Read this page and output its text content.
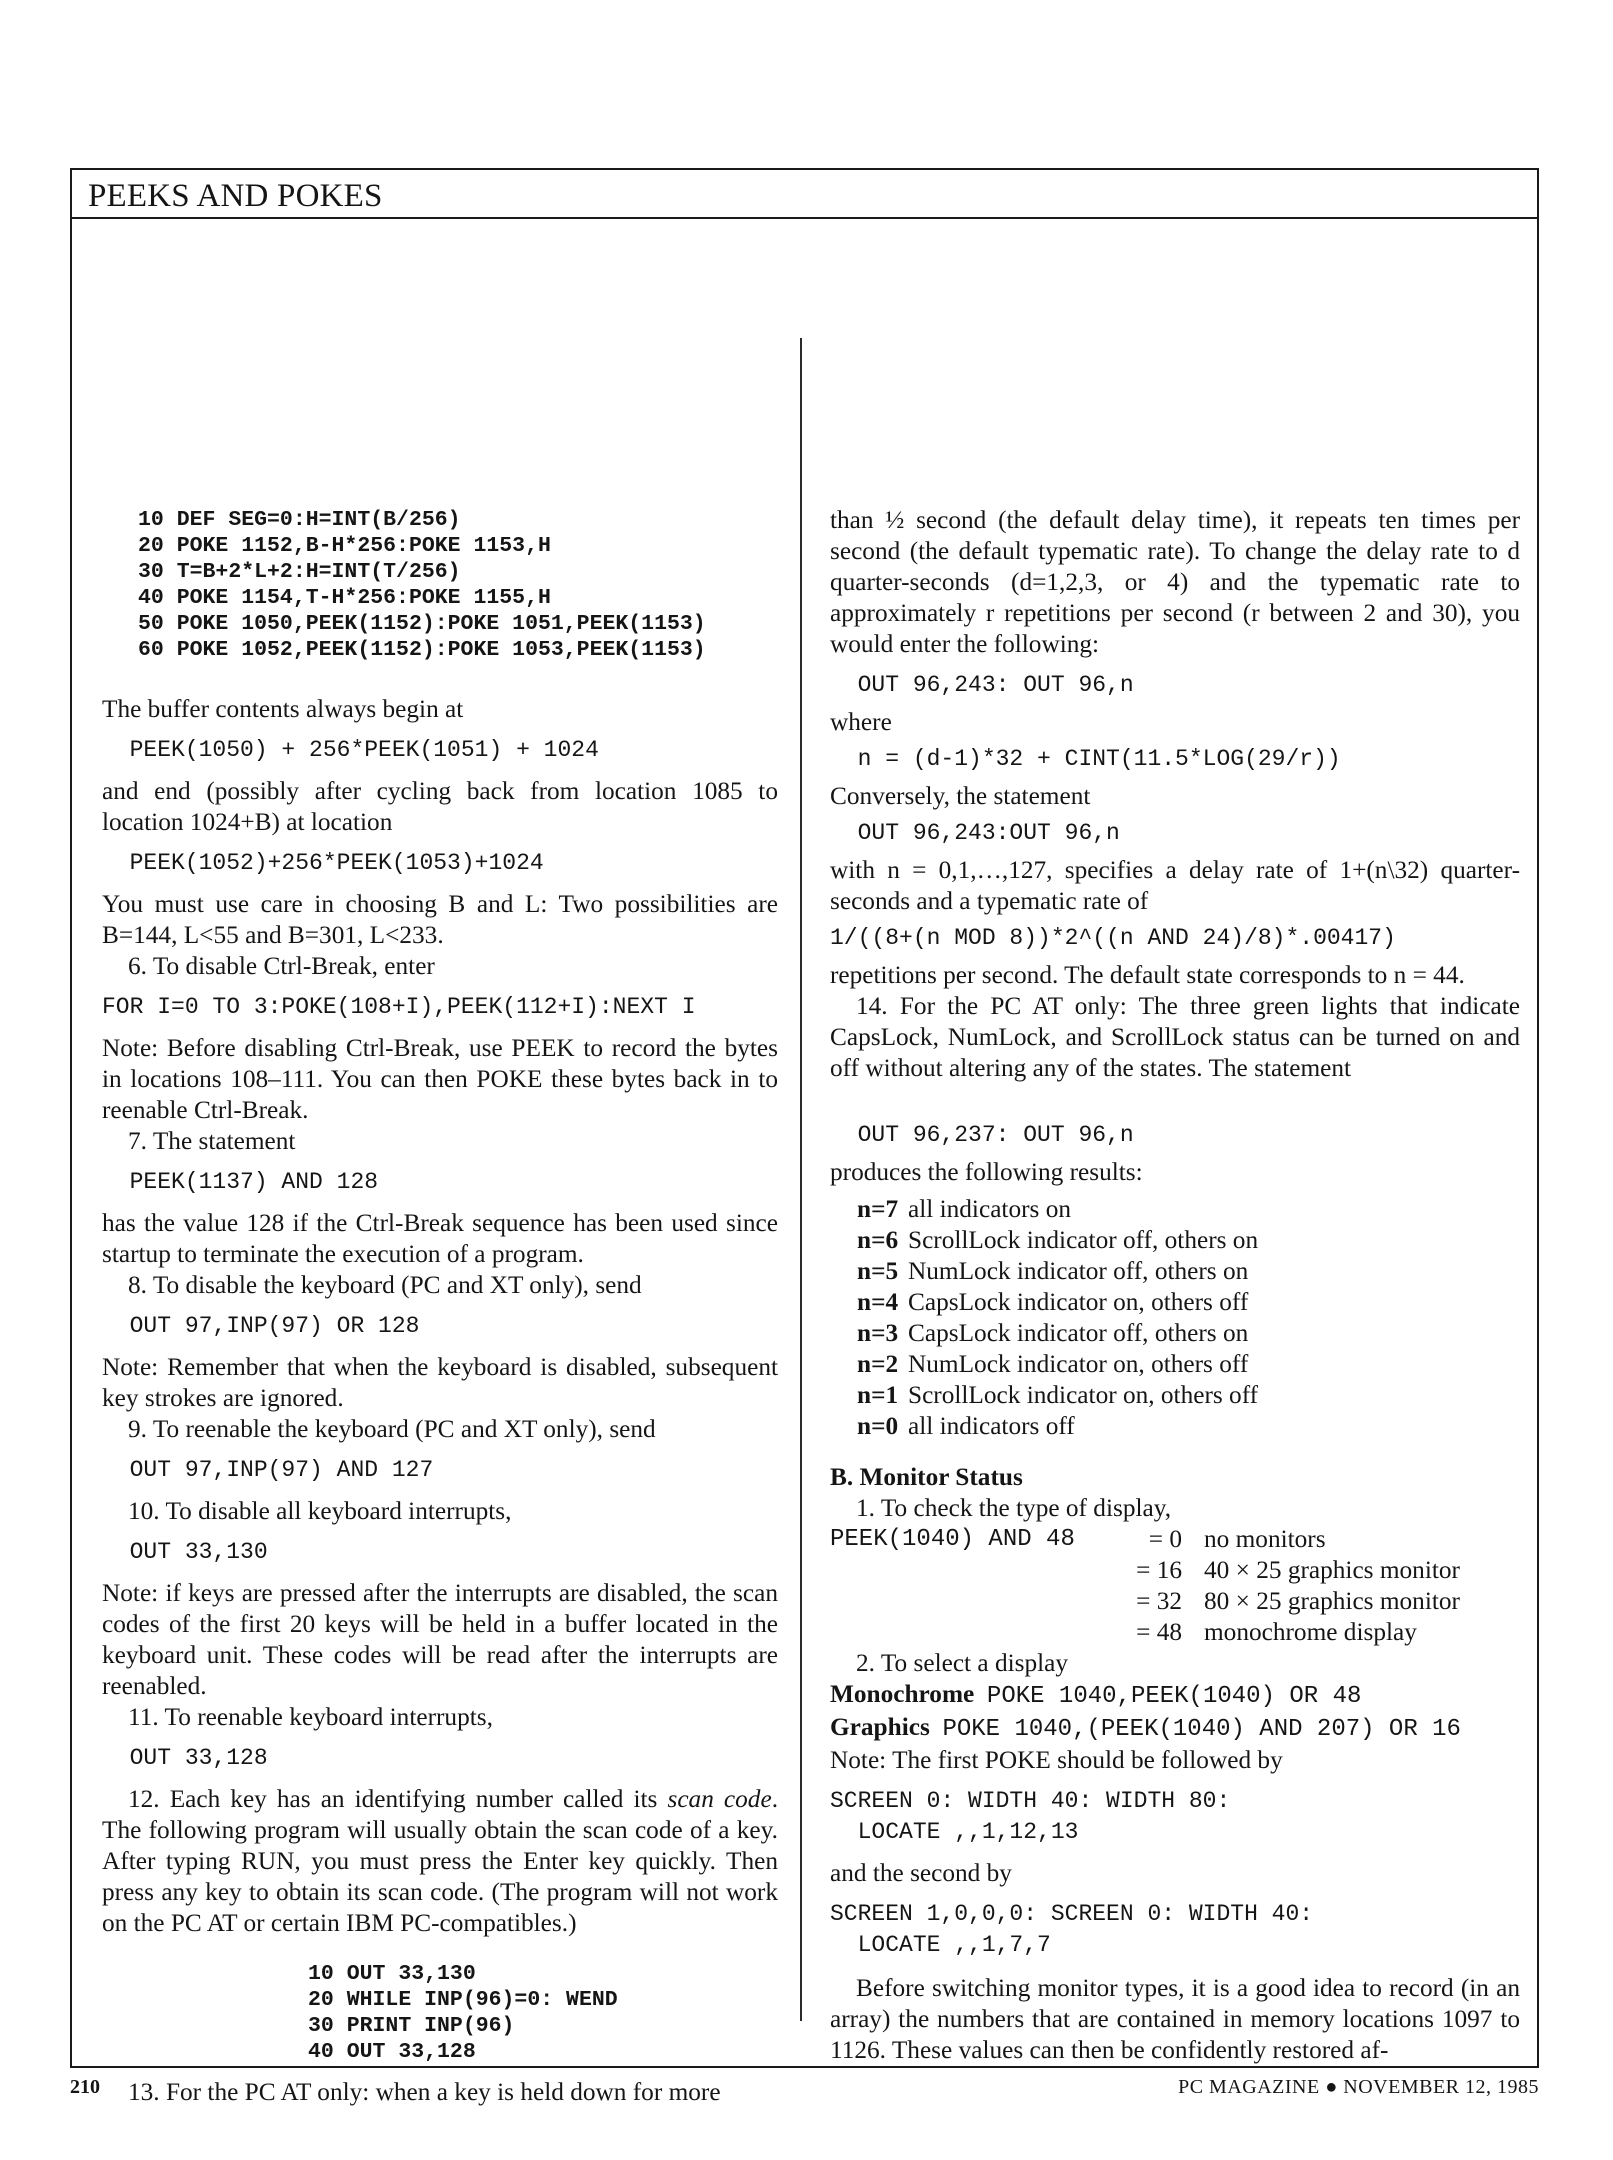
PEEKS AND POKES
10 DEF SEG=0:H=INT(B/256)
20 POKE 1152,B-H*256:POKE 1153,H
30 T=B+2*L+2:H=INT(T/256)
40 POKE 1154,T-H*256:POKE 1155,H
50 POKE 1050,PEEK(1152):POKE 1051,PEEK(1153)
60 POKE 1052,PEEK(1152):POKE 1053,PEEK(1153)

The buffer contents always begin at

PEEK(1050) + 256*PEEK(1051) + 1024

and end (possibly after cycling back from location 1085 to location 1024+B) at location

PEEK(1052)+256*PEEK(1053)+1024

You must use care in choosing B and L: Two possibilities are B=144, L<55 and B=301, L<233.

6. To disable Ctrl-Break, enter

FOR I=0 TO 3:POKE(108+I),PEEK(112+I):NEXT I

Note: Before disabling Ctrl-Break, use PEEK to record the bytes in locations 108–111. You can then POKE these bytes back in to reenable Ctrl-Break.

7. The statement

PEEK(1137) AND 128

has the value 128 if the Ctrl-Break sequence has been used since startup to terminate the execution of a program.

8. To disable the keyboard (PC and XT only), send

OUT 97,INP(97) OR 128

Note: Remember that when the keyboard is disabled, subsequent key strokes are ignored.

9. To reenable the keyboard (PC and XT only), send

OUT 97,INP(97) AND 127

10. To disable all keyboard interrupts,

OUT 33,130

Note: if keys are pressed after the interrupts are disabled, the scan codes of the first 20 keys will be held in a buffer located in the keyboard unit. These codes will be read after the interrupts are reenabled.

11. To reenable keyboard interrupts,

OUT 33,128

12. Each key has an identifying number called its scan code. The following program will usually obtain the scan code of a key. After typing RUN, you must press the Enter key quickly. Then press any key to obtain its scan code. (The program will not work on the PC AT or certain IBM PC-compatibles.)

10 OUT 33,130
20 WHILE INP(96)=0: WEND
30 PRINT INP(96)
40 OUT 33,128

13. For the PC AT only: when a key is held down for more

than ½ second (the default delay time), it repeats ten times per second (the default typematic rate). To change the delay rate to d quarter-seconds (d=1,2,3, or 4) and the typematic rate to approximately r repetitions per second (r between 2 and 30), you would enter the following:

OUT 96,243: OUT 96,n

where

n = (d-1)*32 + CINT(11.5*LOG(29/r))

Conversely, the statement

OUT 96,243:OUT 96,n

with n = 0,1,…,127, specifies a delay rate of 1+(n\32) quarter-seconds and a typematic rate of

1/((8+(n MOD 8))*2^((n AND 24)/8)*.00417)

repetitions per second. The default state corresponds to n = 44.

14. For the PC AT only: The three green lights that indicate CapsLock, NumLock, and ScrollLock status can be turned on and off without altering any of the states. The statement

OUT 96,237: OUT 96,n

produces the following results:

n=7 all indicators on
n=6 ScrollLock indicator off, others on
n=5 NumLock indicator off, others on
n=4 CapsLock indicator on, others off
n=3 CapsLock indicator off, others on
n=2 NumLock indicator on, others off
n=1 ScrollLock indicator on, others off
n=0 all indicators off

B. Monitor Status

1. To check the type of display,

PEEK(1040) AND 48	= 0 no monitors
= 16 40 × 25 graphics monitor
= 32 80 × 25 graphics monitor
= 48 monochrome display

2. To select a display

Monochrome POKE 1040,PEEK(1040) OR 48
Graphics POKE 1040,(PEEK(1040) AND 207) OR 16

Note: The first POKE should be followed by

SCREEN 0: WIDTH 40: WIDTH 80:
LOCATE ,,1,12,13

and the second by

SCREEN 1,0,0,0: SCREEN 0: WIDTH 40:
LOCATE ,,1,7,7

Before switching monitor types, it is a good idea to record (in an array) the numbers that are contained in memory locations 1097 to 1126. These values can then be confidently restored af-

210	PC MAGAZINE ● NOVEMBER 12, 1985
